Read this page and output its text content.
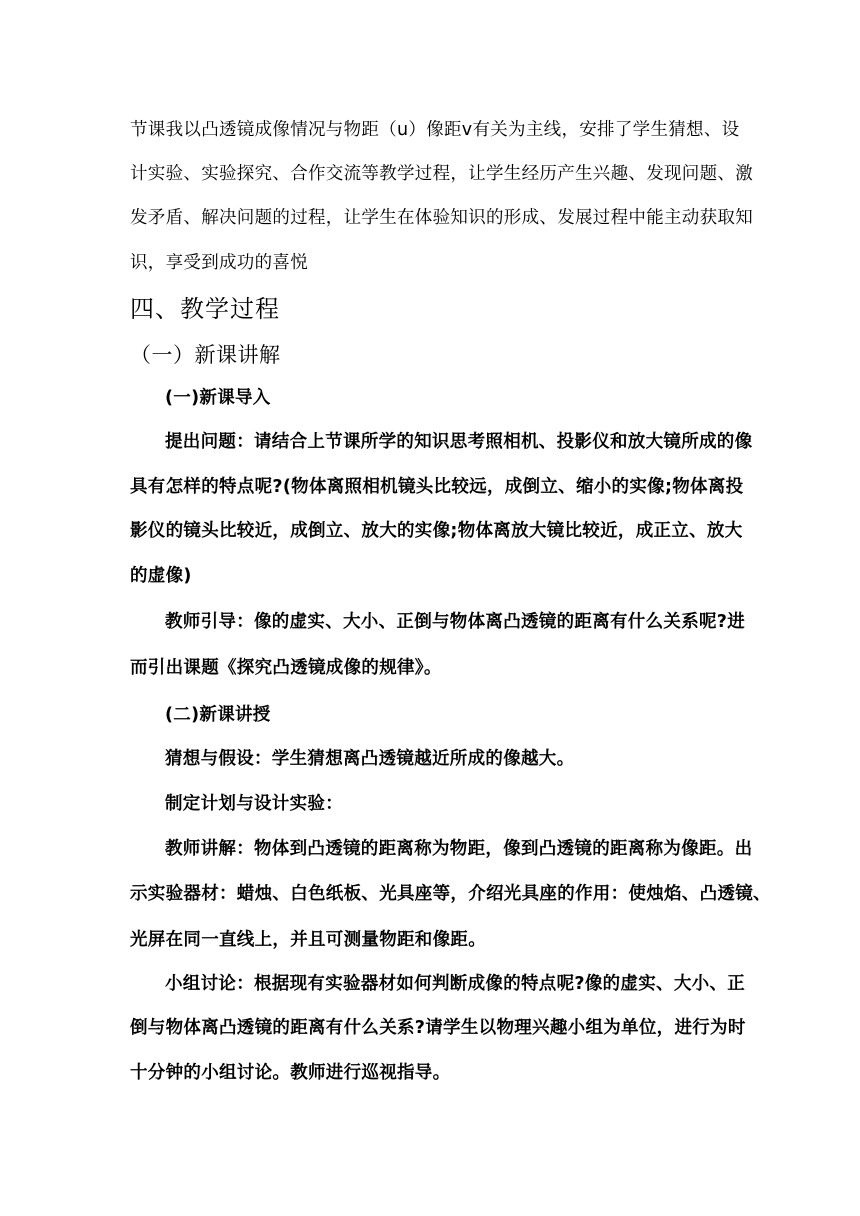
节课我以凸透镜成像情况与物距（u）像距v有关为主线，安排了学生猜想、设
计实验、实验探究、合作交流等教学过程，让学生经历产生兴趣、发现问题、激
发矛盾、解决问题的过程，让学生在体验知识的形成、发展过程中能主动获取知
识，享受到成功的喜悦
四、教学过程
（一）新课讲解
(一)新课导入
提出问题：请结合上节课所学的知识思考照相机、投影仪和放大镜所成的像
具有怎样的特点呢?(物体离照相机镜头比较远，成倒立、缩小的实像;物体离投
影仪的镜头比较近，成倒立、放大的实像;物体离放大镜比较近，成正立、放大
的虚像)
教师引导：像的虚实、大小、正倒与物体离凸透镜的距离有什么关系呢?进
而引出课题《探究凸透镜成像的规律》。
(二)新课讲授
猜想与假设：学生猜想离凸透镜越近所成的像越大。
制定计划与设计实验：
教师讲解：物体到凸透镜的距离称为物距，像到凸透镜的距离称为像距。出
示实验器材：蜡烛、白色纸板、光具座等，介绍光具座的作用：使烛焰、凸透镜、
光屏在同一直线上，并且可测量物距和像距。
小组讨论：根据现有实验器材如何判断成像的特点呢?像的虚实、大小、正
倒与物体离凸透镜的距离有什么关系?请学生以物理兴趣小组为单位，进行为时
十分钟的小组讨论。教师进行巡视指导。
